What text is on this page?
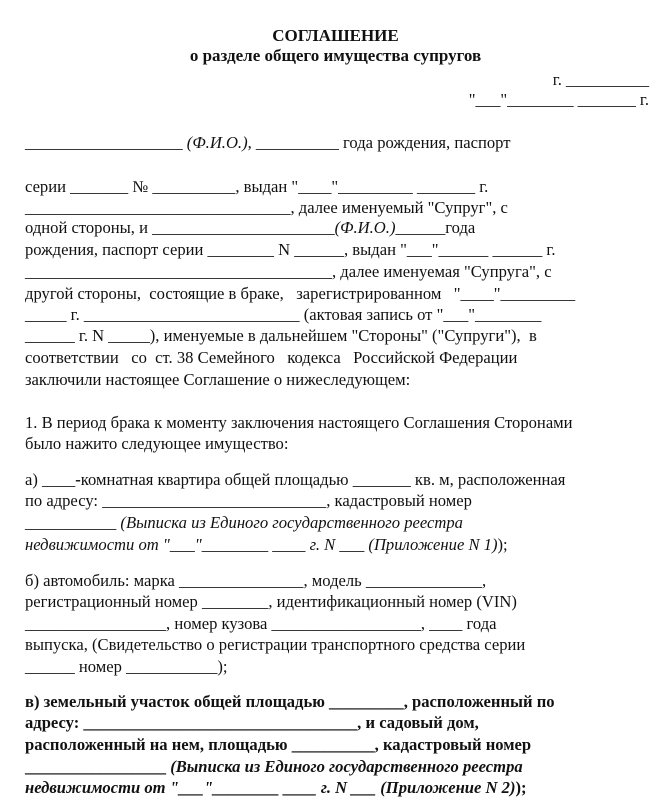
СОГЛАШЕНИЕ
о разделе общего имущества супругов
г. __________
"___"________ _______ г.
___________________ (Ф.И.О.), __________ года рождения, паспорт
серии _______ № __________, выдан "____"_________ _______ г.
________________________________, далее именуемый "Супруг", с
одной стороны, и ______________________(Ф.И.О.)______года
рождения, паспорт серии ________ N ______, выдан "___"______ ______ г.
_____________________________________, далее именуемая "Супруга", с
другой стороны,  состоящие в браке,   зарегистрированном   "____"_________
_____ г. __________________________ (актовая запись от "___"________
______ г. N _____), именуемые в дальнейшем "Стороны" ("Супруги"),  в
соответствии   со  ст. 38 Семейного   кодекса   Российской Федерации
заключили настоящее Соглашение о нижеследующем:
1. В период брака к моменту заключения настоящего Соглашения Сторонами
было нажито следующее имущество:
а) ____-комнатная квартира общей площадью _______ кв. м, расположенная
по адресу: ___________________________, кадастровый номер
___________ (Выписка из Единого государственного реестра
недвижимости от "___"________ ____ г. N ___ (Приложение N 1));
б) автомобиль: марка _______________, модель ______________,
регистрационный номер ________, идентификационный номер (VIN)
_________________, номер кузова __________________, ____ года
выпуска, (Свидетельство о регистрации транспортного средства серии
______ номер ___________);
в) земельный участок общей площадью _________, расположенный по
адресу: _________________________________, и садовый дом,
расположенный на нем, площадью __________, кадастровый номер
_________________ (Выписка из Единого государственного реестра
недвижимости от "___"________ ____ г. N ___ (Приложение N 2));
